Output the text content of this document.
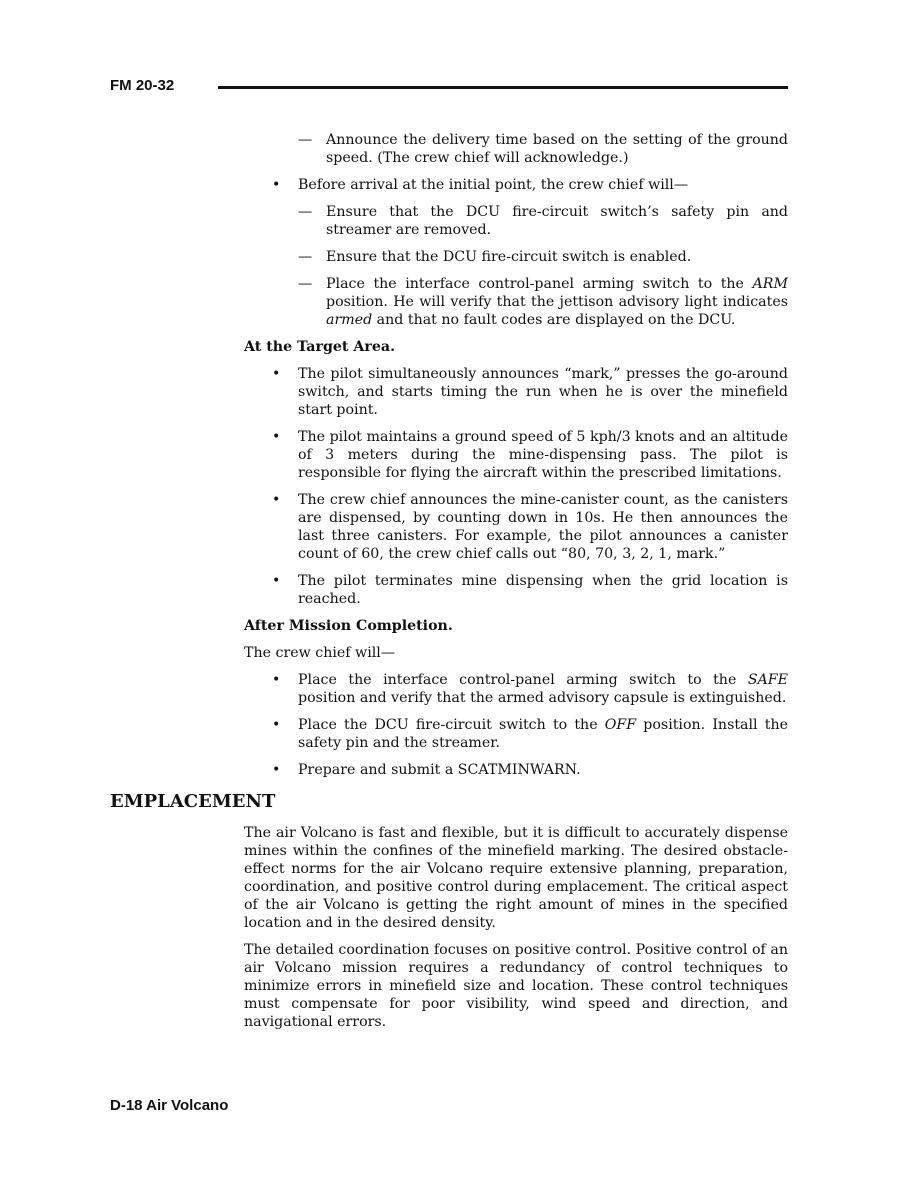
FM 20-32
— Announce the delivery time based on the setting of the ground speed. (The crew chief will acknowledge.)
• Before arrival at the initial point, the crew chief will—
— Ensure that the DCU fire-circuit switch’s safety pin and streamer are removed.
— Ensure that the DCU fire-circuit switch is enabled.
— Place the interface control-panel arming switch to the ARM position. He will verify that the jettison advisory light indicates armed and that no fault codes are displayed on the DCU.
At the Target Area.
• The pilot simultaneously announces “mark,” presses the go-around switch, and starts timing the run when he is over the minefield start point.
• The pilot maintains a ground speed of 5 kph/3 knots and an altitude of 3 meters during the mine-dispensing pass. The pilot is responsible for flying the aircraft within the prescribed limitations.
• The crew chief announces the mine-canister count, as the canisters are dispensed, by counting down in 10s. He then announces the last three canisters. For example, the pilot announces a canister count of 60, the crew chief calls out “80, 70, 3, 2, 1, mark.”
• The pilot terminates mine dispensing when the grid location is reached.
After Mission Completion.
The crew chief will—
• Place the interface control-panel arming switch to the SAFE position and verify that the armed advisory capsule is extinguished.
• Place the DCU fire-circuit switch to the OFF position. Install the safety pin and the streamer.
• Prepare and submit a SCATMINWARN.
EMPLACEMENT
The air Volcano is fast and flexible, but it is difficult to accurately dispense mines within the confines of the minefield marking. The desired obstacle-effect norms for the air Volcano require extensive planning, preparation, coordination, and positive control during emplacement. The critical aspect of the air Volcano is getting the right amount of mines in the specified location and in the desired density.
The detailed coordination focuses on positive control. Positive control of an air Volcano mission requires a redundancy of control techniques to minimize errors in minefield size and location. These control techniques must compensate for poor visibility, wind speed and direction, and navigational errors.
D-18 Air Volcano
